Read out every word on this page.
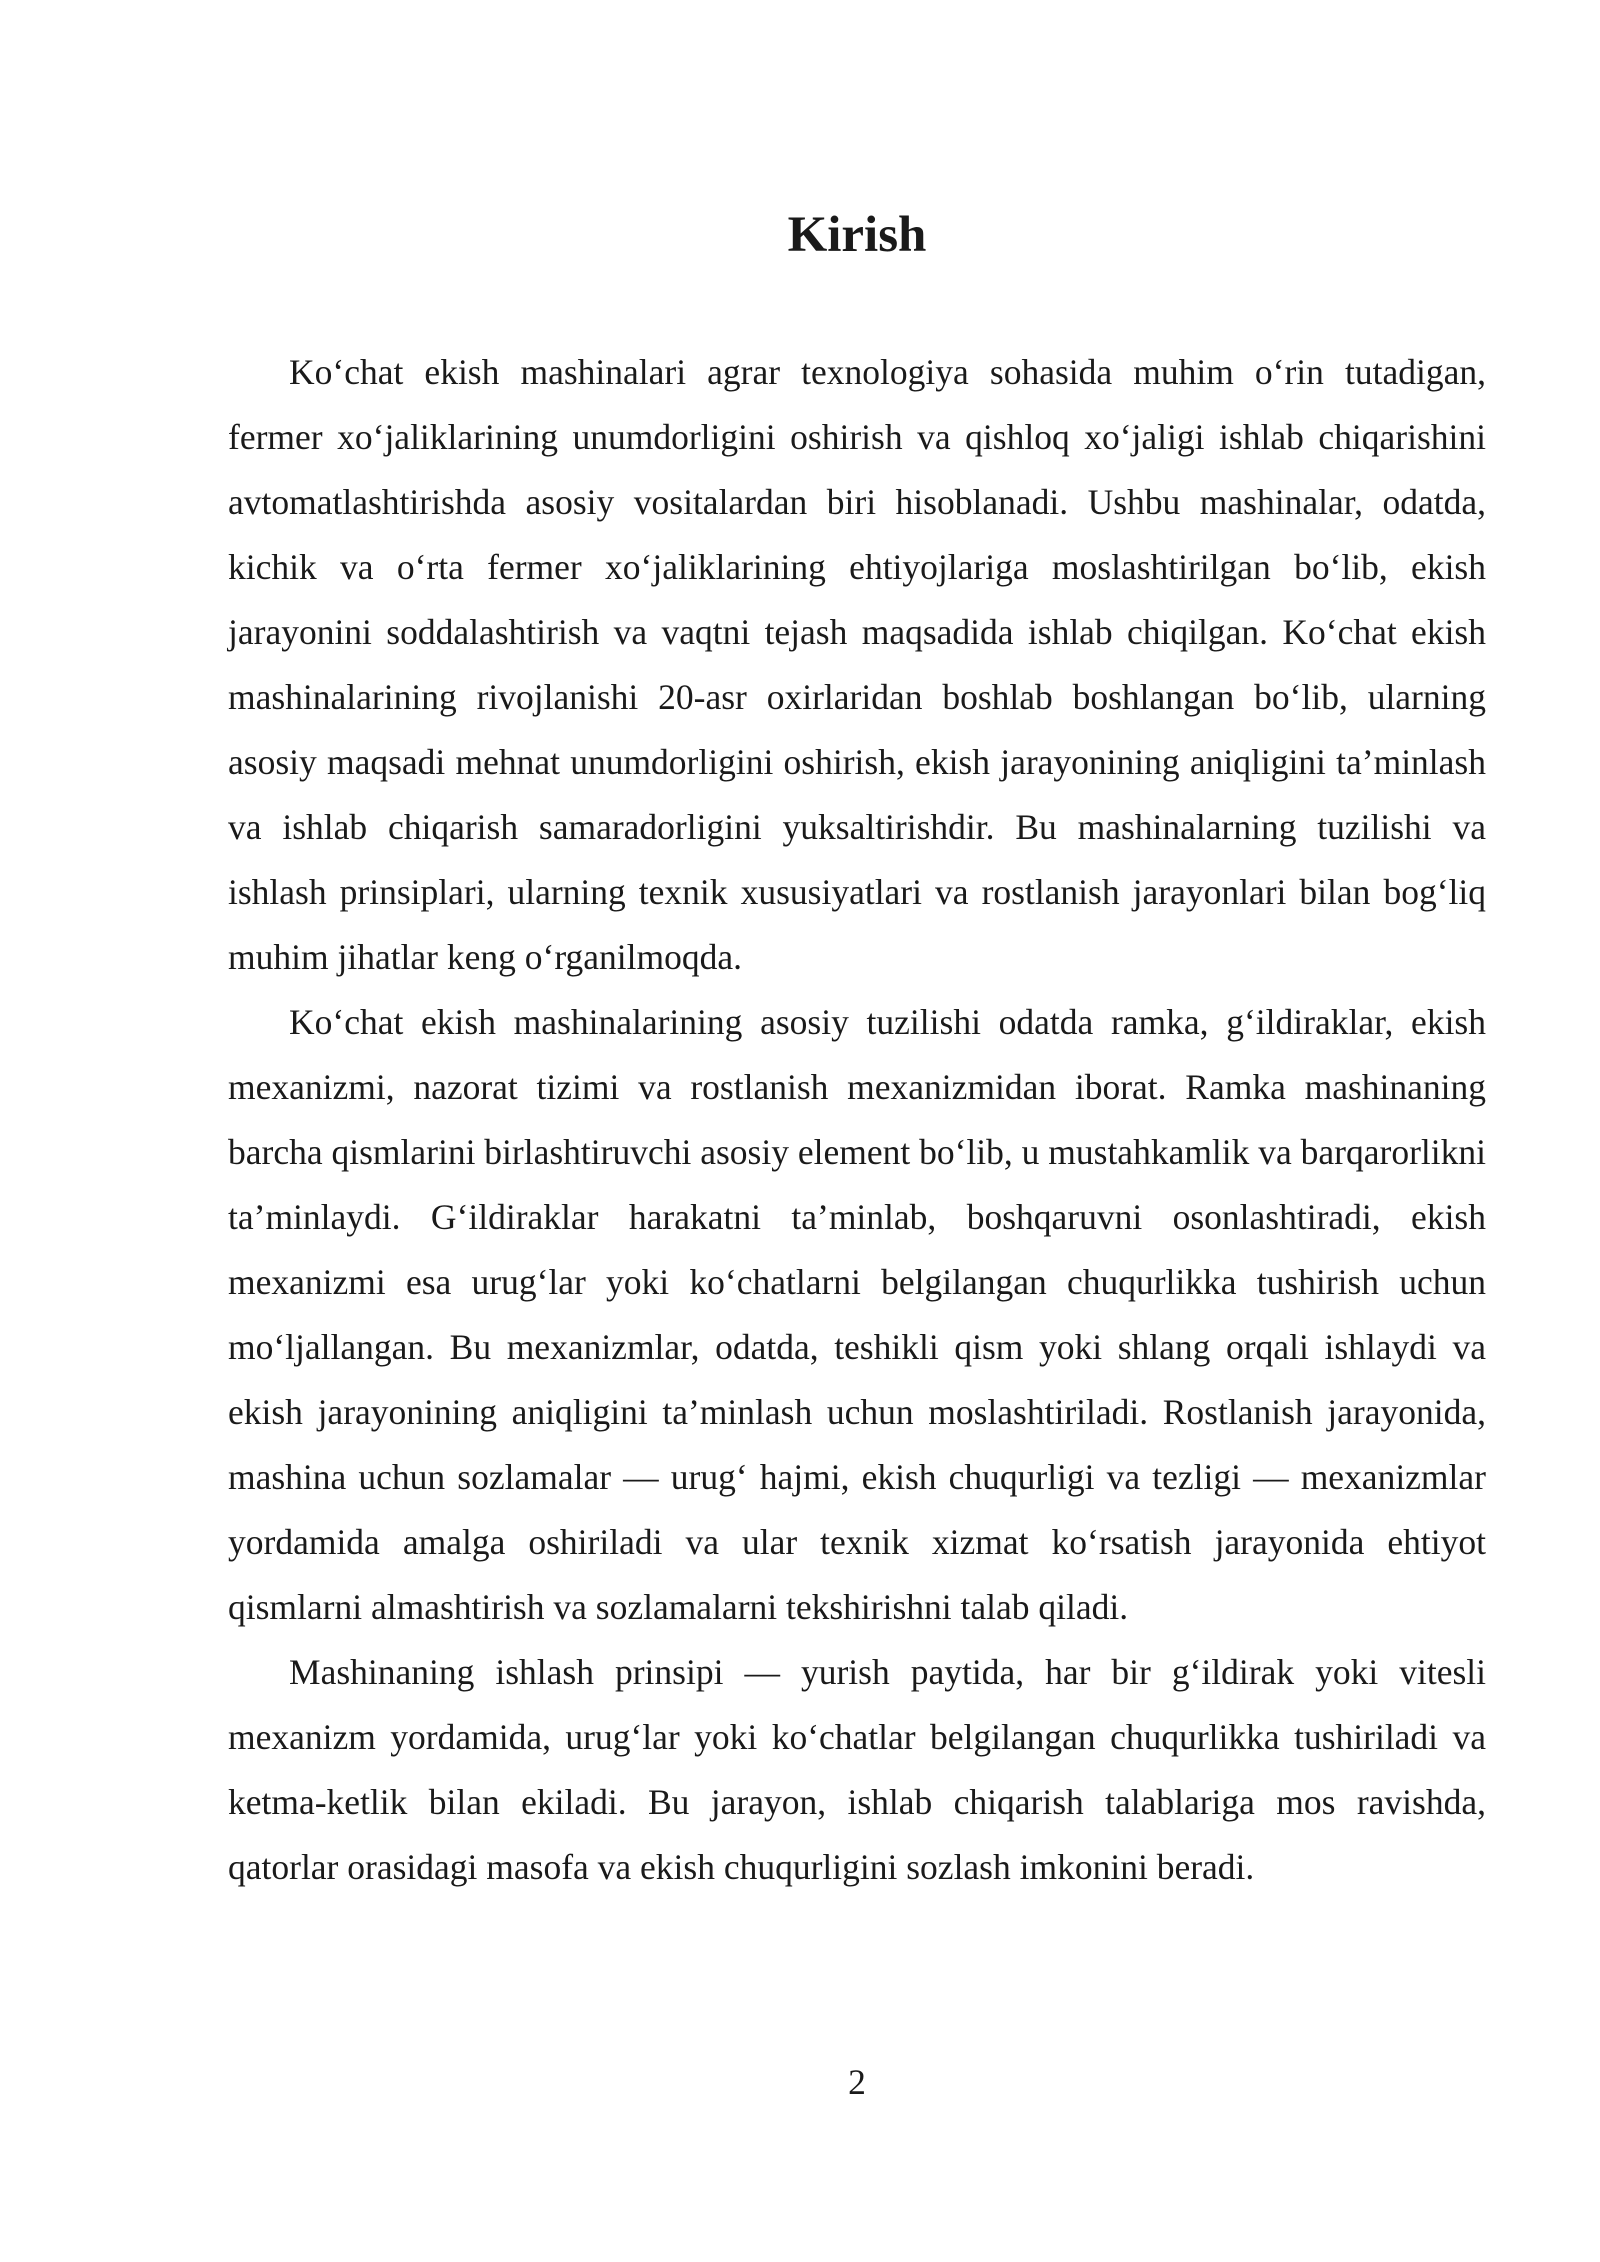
Kirish

Ko‘chat ekish mashinalari agrar texnologiya sohasida muhim o‘rin tutadigan, fermer xo‘jaliklarining unumdorligini oshirish va qishloq xo‘jaligi ishlab chiqarishini avtomatlashtirishda asosiy vositalardan biri hisoblanadi. Ushbu mashinalar, odatda, kichik va o‘rta fermer xo‘jaliklarining ehtiyojlariga moslashtirilgan bo‘lib, ekish jarayonini soddalashtirish va vaqtni tejash maqsadida ishlab chiqilgan. Ko‘chat ekish mashinalarining rivojlanishi 20-asr oxirlaridan boshlab boshlangan bo‘lib, ularning asosiy maqsadi mehnat unumdorligini oshirish, ekish jarayonining aniqligini ta’minlash va ishlab chiqarish samaradorligini yuksaltirishdir. Bu mashinalarning tuzilishi va ishlash prinsiplari, ularning texnik xususiyatlari va rostlanish jarayonlari bilan bog‘liq muhim jihatlar keng o‘rganilmoqda.

Ko‘chat ekish mashinalarining asosiy tuzilishi odatda ramka, g‘ildiraklar, ekish mexanizmi, nazorat tizimi va rostlanish mexanizmidan iborat. Ramka mashinaning barcha qismlarini birlashtiruvchi asosiy element bo‘lib, u mustahkamlik va barqarorlikni ta’minlaydi. G‘ildiraklar harakatni ta’minlab, boshqaruvni osonlashtiradi, ekish mexanizmi esa urug‘lar yoki ko‘chatlarni belgilangan chuqurlikka tushirish uchun mo‘ljallangan. Bu mexanizmlar, odatda, teshikli qism yoki shlang orqali ishlaydi va ekish jarayonining aniqligini ta’minlash uchun moslashtiriladi. Rostlanish jarayonida, mashina uchun sozlamalar — urug‘ hajmi, ekish chuqurligi va tezligi — mexanizmlar yordamida amalga oshiriladi va ular texnik xizmat ko‘rsatish jarayonida ehtiyot qismlarni almashtirish va sozlamalarni tekshirishni talab qiladi.

Mashinaning ishlash prinsipi — yurish paytida, har bir g‘ildirak yoki vitesli mexanizm yordamida, urug‘lar yoki ko‘chatlar belgilangan chuqurlikka tushiriladi va ketma-ketlik bilan ekiladi. Bu jarayon, ishlab chiqarish talablariga mos ravishda, qatorlar orasidagi masofa va ekish chuqurligini sozlash imkonini beradi.

2
